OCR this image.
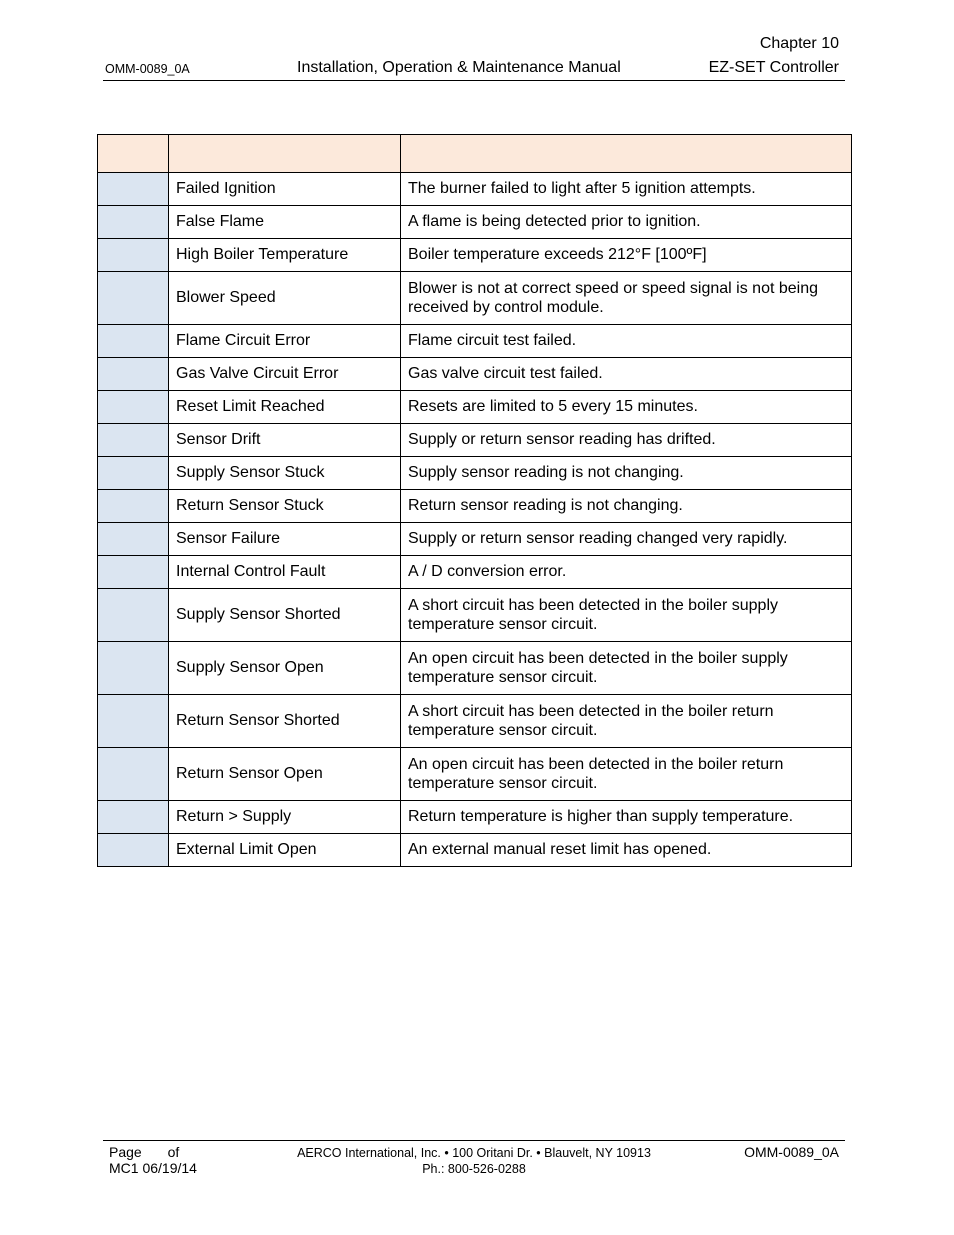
Chapter 10
OMM-0089_0A	Installation, Operation & Maintenance Manual	EZ-SET Controller

	Failed Ignition	The burner failed to light after 5 ignition attempts.
	False Flame	A flame is being detected prior to ignition.
	High Boiler Temperature	Boiler temperature exceeds 212°F [100ºF]
	Blower Speed	Blower is not at correct speed or speed signal is not being received by control module.
	Flame Circuit Error	Flame circuit test failed.
	Gas Valve Circuit Error	Gas valve circuit test failed.
	Reset Limit Reached	Resets are limited to 5 every 15 minutes.
	Sensor Drift	Supply or return sensor reading has drifted.
	Supply Sensor Stuck	Supply sensor reading is not changing.
	Return Sensor Stuck	Return sensor reading is not changing.
	Sensor Failure	Supply or return sensor reading changed very rapidly.
	Internal Control Fault	A / D conversion error.
	Supply Sensor Shorted	A short circuit has been detected in the boiler supply temperature sensor circuit.
	Supply Sensor Open	An open circuit has been detected in the boiler supply temperature sensor circuit.
	Return Sensor Shorted	A short circuit has been detected in the boiler return temperature sensor circuit.
	Return Sensor Open	An open circuit has been detected in the boiler return temperature sensor circuit.
	Return > Supply	Return temperature is higher than supply temperature.
	External Limit Open	An external manual reset limit has opened.
Page of
MC1 06/19/14
AERCO International, Inc. • 100 Oritani Dr. • Blauvelt, NY 10913
Ph.: 800-526-0288
OMM-0089_0A
